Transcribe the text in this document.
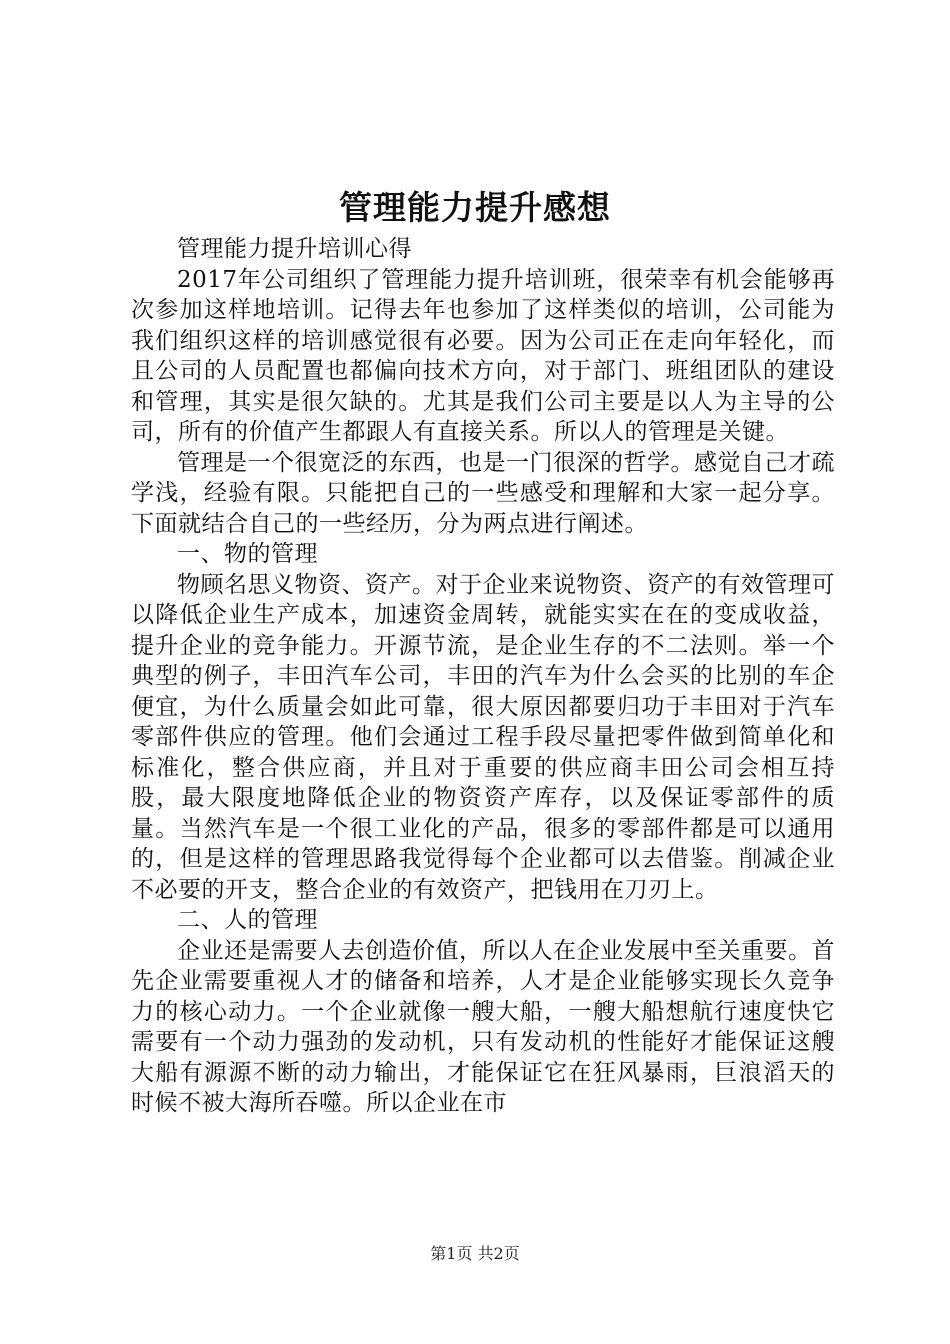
管理能力提升感想

管理能力提升培训心得

2017年公司组织了管理能力提升培训班，很荣幸有机会能够再次参加这样地培训。记得去年也参加了这样类似的培训，公司能为我们组织这样的培训感觉很有必要。因为公司正在走向年轻化，而且公司的人员配置也都偏向技术方向，对于部门、班组团队的建设和管理，其实是很欠缺的。尤其是我们公司主要是以人为主导的公司，所有的价值产生都跟人有直接关系。所以人的管理是关键。

管理是一个很宽泛的东西，也是一门很深的哲学。感觉自己才疏学浅，经验有限。只能把自己的一些感受和理解和大家一起分享。下面就结合自己的一些经历，分为两点进行阐述。

一、物的管理

物顾名思义物资、资产。对于企业来说物资、资产的有效管理可以降低企业生产成本，加速资金周转，就能实实在在的变成收益，提升企业的竞争能力。开源节流，是企业生存的不二法则。举一个典型的例子，丰田汽车公司，丰田的汽车为什么会买的比别的车企便宜，为什么质量会如此可靠，很大原因都要归功于丰田对于汽车零部件供应的管理。他们会通过工程手段尽量把零件做到简单化和标准化，整合供应商，并且对于重要的供应商丰田公司会相互持股，最大限度地降低企业的物资资产库存，以及保证零部件的质量。当然汽车是一个很工业化的产品，很多的零部件都是可以通用的，但是这样的管理思路我觉得每个企业都可以去借鉴。削减企业不必要的开支，整合企业的有效资产，把钱用在刀刃上。

二、人的管理

企业还是需要人去创造价值，所以人在企业发展中至关重要。首先企业需要重视人才的储备和培养，人才是企业能够实现长久竞争力的核心动力。一个企业就像一艘大船，一艘大船想航行速度快它需要有一个动力强劲的发动机，只有发动机的性能好才能保证这艘大船有源源不断的动力输出，才能保证它在狂风暴雨，巨浪滔天的时候不被大海所吞噬。所以企业在市

第1页 共2页
